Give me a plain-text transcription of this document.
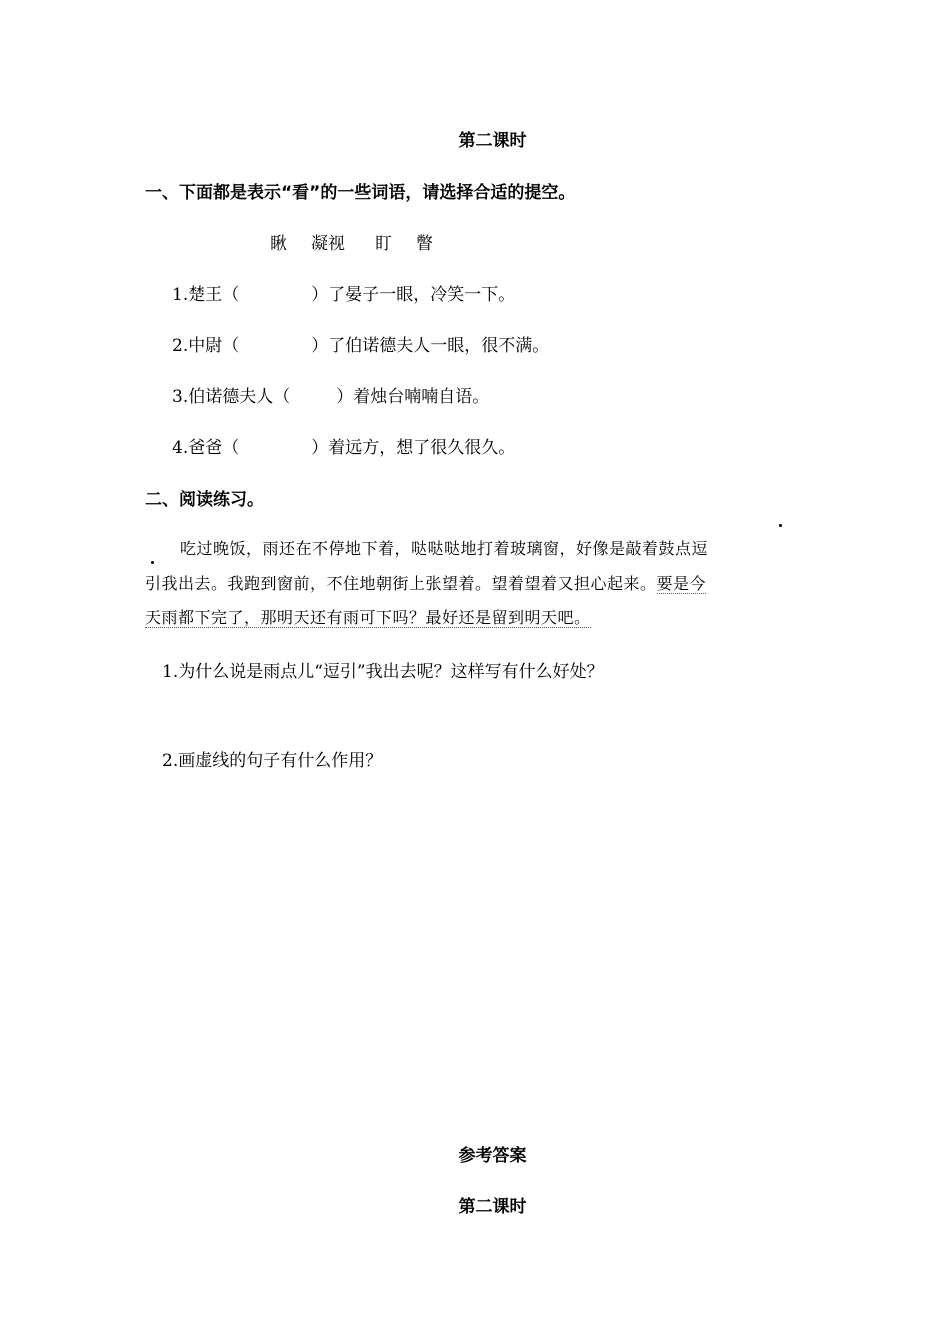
第二课时
一、下面都是表示“看”的一些词语，请选择合适的提空。
瞅 凝视 盯 瞥
1.楚王（	）了晏子一眼，冷笑一下。
2.中尉（	）了伯诺德夫人一眼，很不满。
3.伯诺德夫人（	）着烛台喃喃自语。
4.爸爸（	）着远方，想了很久很久。
二、阅读练习。
吃过晚饭，雨还在不停地下着，哒哒哒地打着玻璃窗，好像是敲着鼓点逗
引我出去。我跑到窗前，不住地朝街上张望着。望着望着又担心起来。要是今
天雨都下完了，那明天还有雨可下吗？最好还是留到明天吧。
1.为什么说是雨点儿“逗引”我出去呢？这样写有什么好处？
2.画虚线的句子有什么作用？
参考答案
第二课时
